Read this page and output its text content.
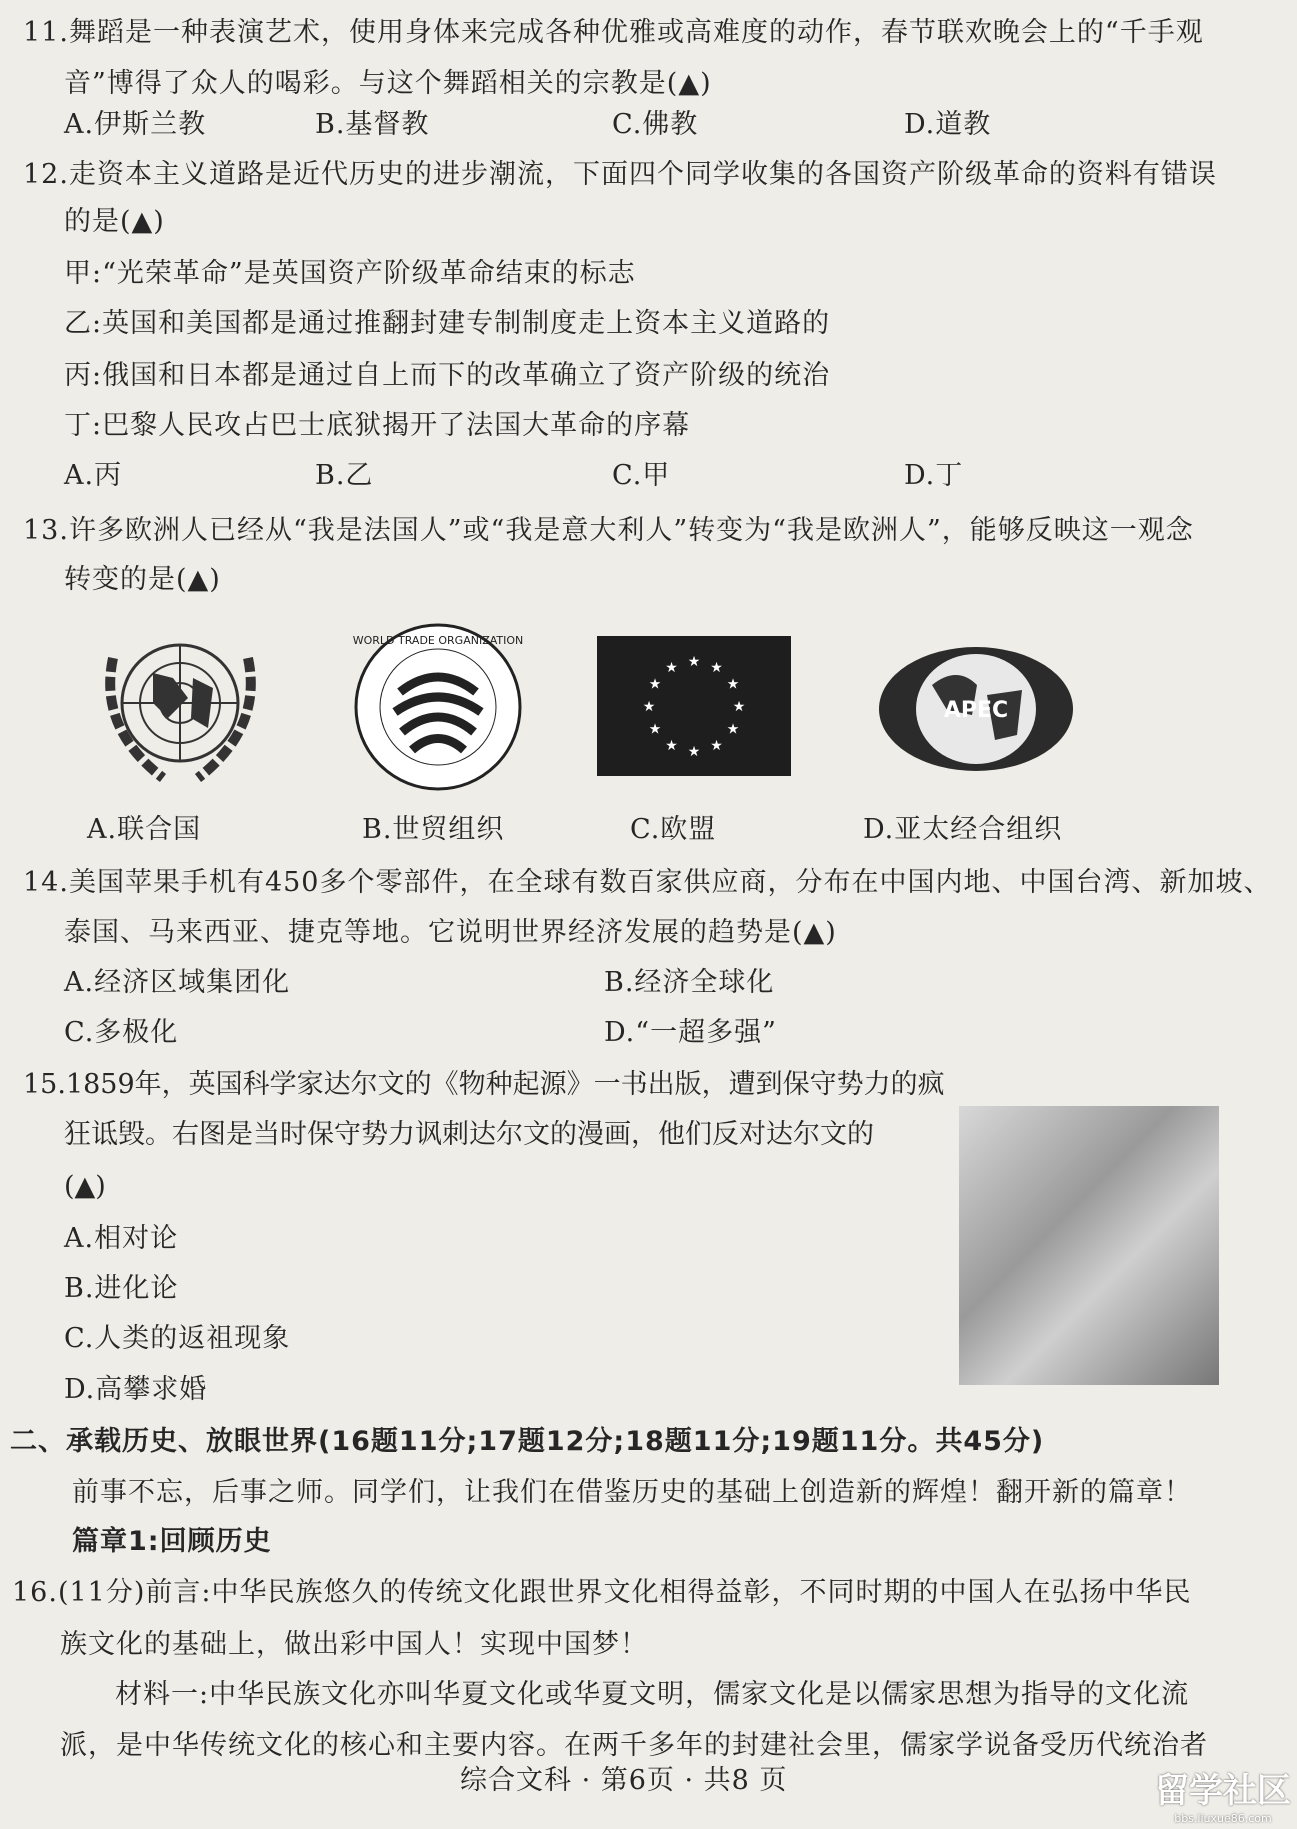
11.舞蹈是一种表演艺术，使用身体来完成各种优雅或高难度的动作，春节联欢晚会上的“千手观
音”博得了众人的喝彩。与这个舞蹈相关的宗教是(▲)
A.伊斯兰教	B.基督教	C.佛教	D.道教
12.走资本主义道路是近代历史的进步潮流，下面四个同学收集的各国资产阶级革命的资料有错误
的是(▲)
甲:“光荣革命”是英国资产阶级革命结束的标志
乙:英国和美国都是通过推翻封建专制制度走上资本主义道路的
丙:俄国和日本都是通过自上而下的改革确立了资产阶级的统治
丁:巴黎人民攻占巴士底狱揭开了法国大革命的序幕
A.丙	B.乙	C.甲	D.丁
13.许多欧洲人已经从“我是法国人”或“我是意大利人”转变为“我是欧洲人”，能够反映这一观念
转变的是(▲)
WORLD TRADE ORGANIZATION
★
★
★
★
★
★
★
★
★ ★ ★
★
APEC
A.联合国	B.世贸组织	C.欧盟	D.亚太经合组织
14.美国苹果手机有450多个零部件，在全球有数百家供应商，分布在中国内地、中国台湾、新加坡、
泰国、马来西亚、捷克等地。它说明世界经济发展的趋势是(▲)
A.经济区域集团化	B.经济全球化
C.多极化	D.“一超多强”
15.1859年，英国科学家达尔文的《物种起源》一书出版，遭到保守势力的疯
狂诋毁。右图是当时保守势力讽刺达尔文的漫画，他们反对达尔文的
(▲)
A.相对论
B.进化论
C.人类的返祖现象
D.高攀求婚
二、承载历史、放眼世界(16题11分;17题12分;18题11分;19题11分。共45分)
前事不忘，后事之师。同学们，让我们在借鉴历史的基础上创造新的辉煌！翻开新的篇章！
篇章1:回顾历史
16.(11分)前言:中华民族悠久的传统文化跟世界文化相得益彰，不同时期的中国人在弘扬中华民
族文化的基础上，做出彩中国人！实现中国梦！
材料一:中华民族文化亦叫华夏文化或华夏文明，儒家文化是以儒家思想为指导的文化流
派，是中华传统文化的核心和主要内容。在两千多年的封建社会里，儒家学说备受历代统治者
综合文科 · 第6页 · 共8 页	留学社区
bbs.liuxue86.com
